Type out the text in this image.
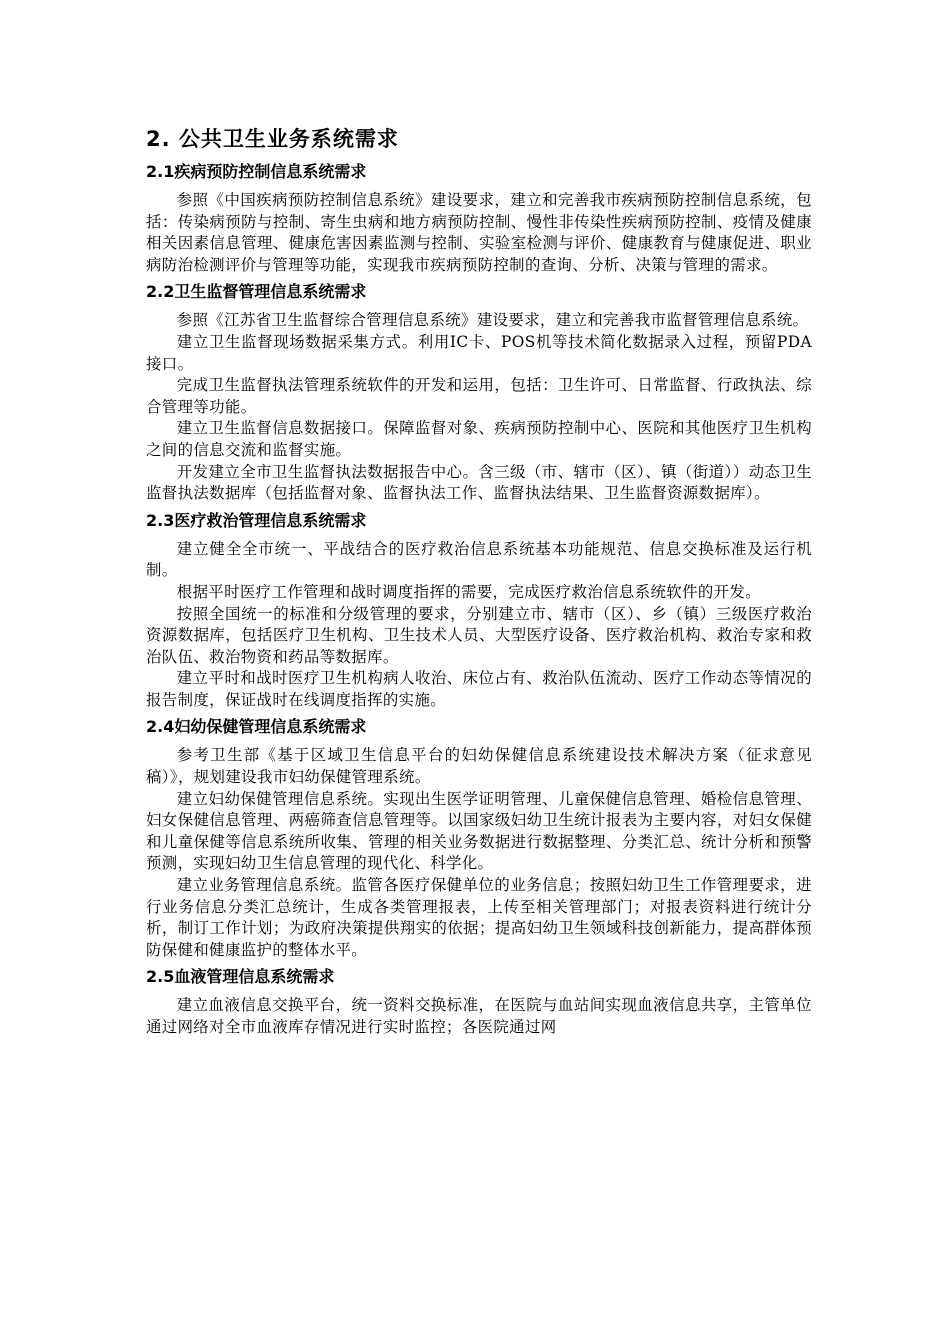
2. 公共卫生业务系统需求
2.1疾病预防控制信息系统需求

参照《中国疾病预防控制信息系统》建设要求，建立和完善我市疾病预防控制信息系统，包括：传染病预防与控制、寄生虫病和地方病预防控制、慢性非传染性疾病预防控制、疫情及健康相关因素信息管理、健康危害因素监测与控制、实验室检测与评价、健康教育与健康促进、职业病防治检测评价与管理等功能，实现我市疾病预防控制的查询、分析、决策与管理的需求。

2.2卫生监督管理信息系统需求

参照《江苏省卫生监督综合管理信息系统》建设要求，建立和完善我市监督管理信息系统。

建立卫生监督现场数据采集方式。利用IC卡、POS机等技术简化数据录入过程，预留PDA接口。

完成卫生监督执法管理系统软件的开发和运用，包括：卫生许可、日常监督、行政执法、综合管理等功能。

建立卫生监督信息数据接口。保障监督对象、疾病预防控制中心、医院和其他医疗卫生机构之间的信息交流和监督实施。

开发建立全市卫生监督执法数据报告中心。含三级（市、辖市（区）、镇（街道））动态卫生监督执法数据库（包括监督对象、监督执法工作、监督执法结果、卫生监督资源数据库）。

2.3医疗救治管理信息系统需求

建立健全全市统一、平战结合的医疗救治信息系统基本功能规范、信息交换标准及运行机制。

根据平时医疗工作管理和战时调度指挥的需要，完成医疗救治信息系统软件的开发。

按照全国统一的标准和分级管理的要求，分别建立市、辖市（区）、乡（镇）三级医疗救治资源数据库，包括医疗卫生机构、卫生技术人员、大型医疗设备、医疗救治机构、救治专家和救治队伍、救治物资和药品等数据库。

建立平时和战时医疗卫生机构病人收治、床位占有、救治队伍流动、医疗工作动态等情况的报告制度，保证战时在线调度指挥的实施。

2.4妇幼保健管理信息系统需求

参考卫生部《基于区域卫生信息平台的妇幼保健信息系统建设技术解决方案（征求意见稿）》，规划建设我市妇幼保健管理系统。

建立妇幼保健管理信息系统。实现出生医学证明管理、儿童保健信息管理、婚检信息管理、妇女保健信息管理、两癌筛查信息管理等。以国家级妇幼卫生统计报表为主要内容，对妇女保健和儿童保健等信息系统所收集、管理的相关业务数据进行数据整理、分类汇总、统计分析和预警预测，实现妇幼卫生信息管理的现代化、科学化。

建立业务管理信息系统。监管各医疗保健单位的业务信息；按照妇幼卫生工作管理要求，进行业务信息分类汇总统计，生成各类管理报表，上传至相关管理部门；对报表资料进行统计分析，制订工作计划；为政府决策提供翔实的依据；提高妇幼卫生领域科技创新能力，提高群体预防保健和健康监护的整体水平。

2.5血液管理信息系统需求

建立血液信息交换平台，统一资料交换标准，在医院与血站间实现血液信息共享，主管单位通过网络对全市血液库存情况进行实时监控；各医院通过网
